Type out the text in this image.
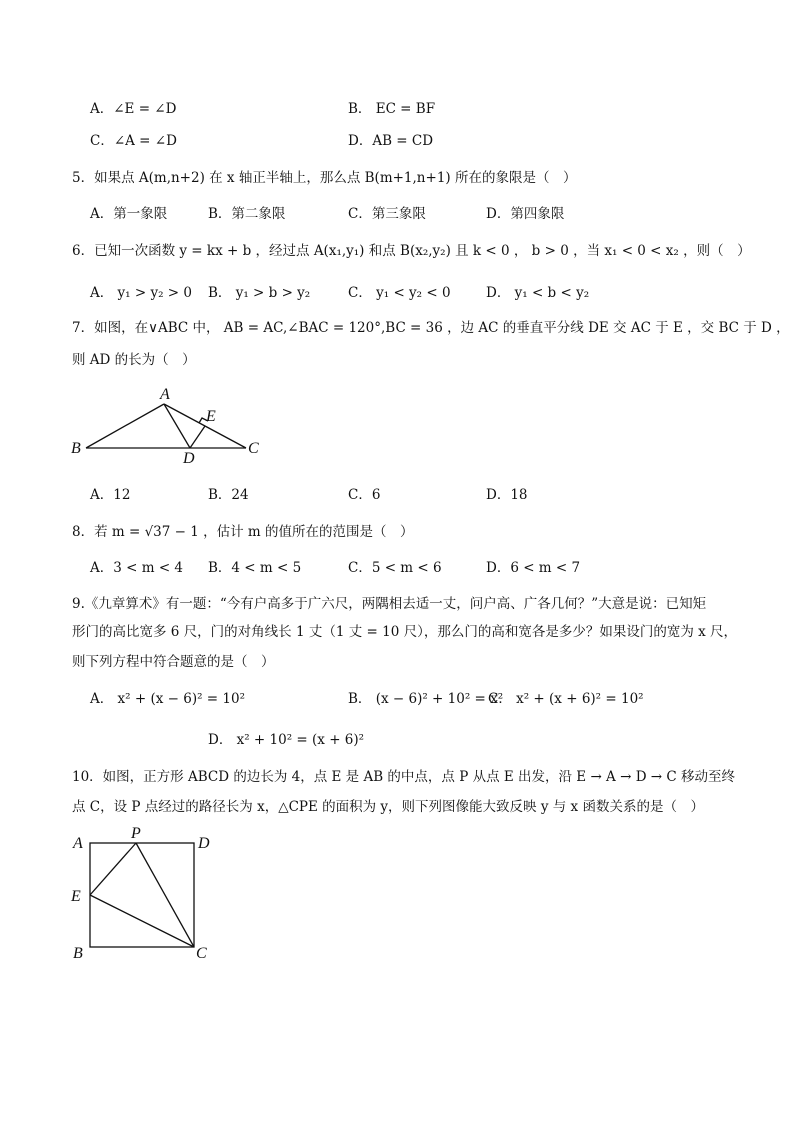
A．∠E = ∠D	B． EC = BF
C．∠A = ∠D	D．AB = CD
5．如果点 A(m,n+2) 在 x 轴正半轴上，那么点 B(m+1,n+1) 所在的象限是（　）
A．第一象限	B．第二象限	C．第三象限	D．第四象限
6．已知一次函数 y = kx + b ，经过点 A(x₁,y₁) 和点 B(x₂,y₂) 且 k < 0 ， b > 0 ，当 x₁ < 0 < x₂ ，则（　）
A． y₁ > y₂ > 0 B． y₁ > b > y₂	C． y₁ < y₂ < 0	D． y₁ < b < y₂
7．如图，在∨ABC 中， AB = AC,∠BAC = 120°,BC = 36 ，边 AC 的垂直平分线 DE 交 AC 于 E ，交 BC 于 D ，
则 AD 的长为（　）
A
B	C
D
E
A．12	B．24	C．6	D．18
8．若 m = √37 − 1 ，估计 m 的值所在的范围是（　）
A．3 < m < 4 B．4 < m < 5	C．5 < m < 6	D．6 < m < 7
9.《九章算术》有一题：“今有户高多于广六尺，两隅相去适一丈，问户高、广各几何？”大意是说：已知矩
形门的高比宽多 6 尺，门的对角线长 1 丈（1 丈 = 10 尺），那么门的高和宽各是多少？如果设门的宽为 x 尺，
则下列方程中符合题意的是（　）
A． x² + (x − 6)² = 10²	B． (x − 6)² + 10² = x²
C． x² + (x + 6)² = 10²
D． x² + 10² = (x + 6)²
10．如图，正方形 ABCD 的边长为 4，点 E 是 AB 的中点，点 P 从点 E 出发，沿 E → A → D → C 移动至终
点 C，设 P 点经过的路径长为 x，△CPE 的面积为 y，则下列图像能大致反映 y 与 x 函数关系的是（　）
A
P
D
E
B	C
